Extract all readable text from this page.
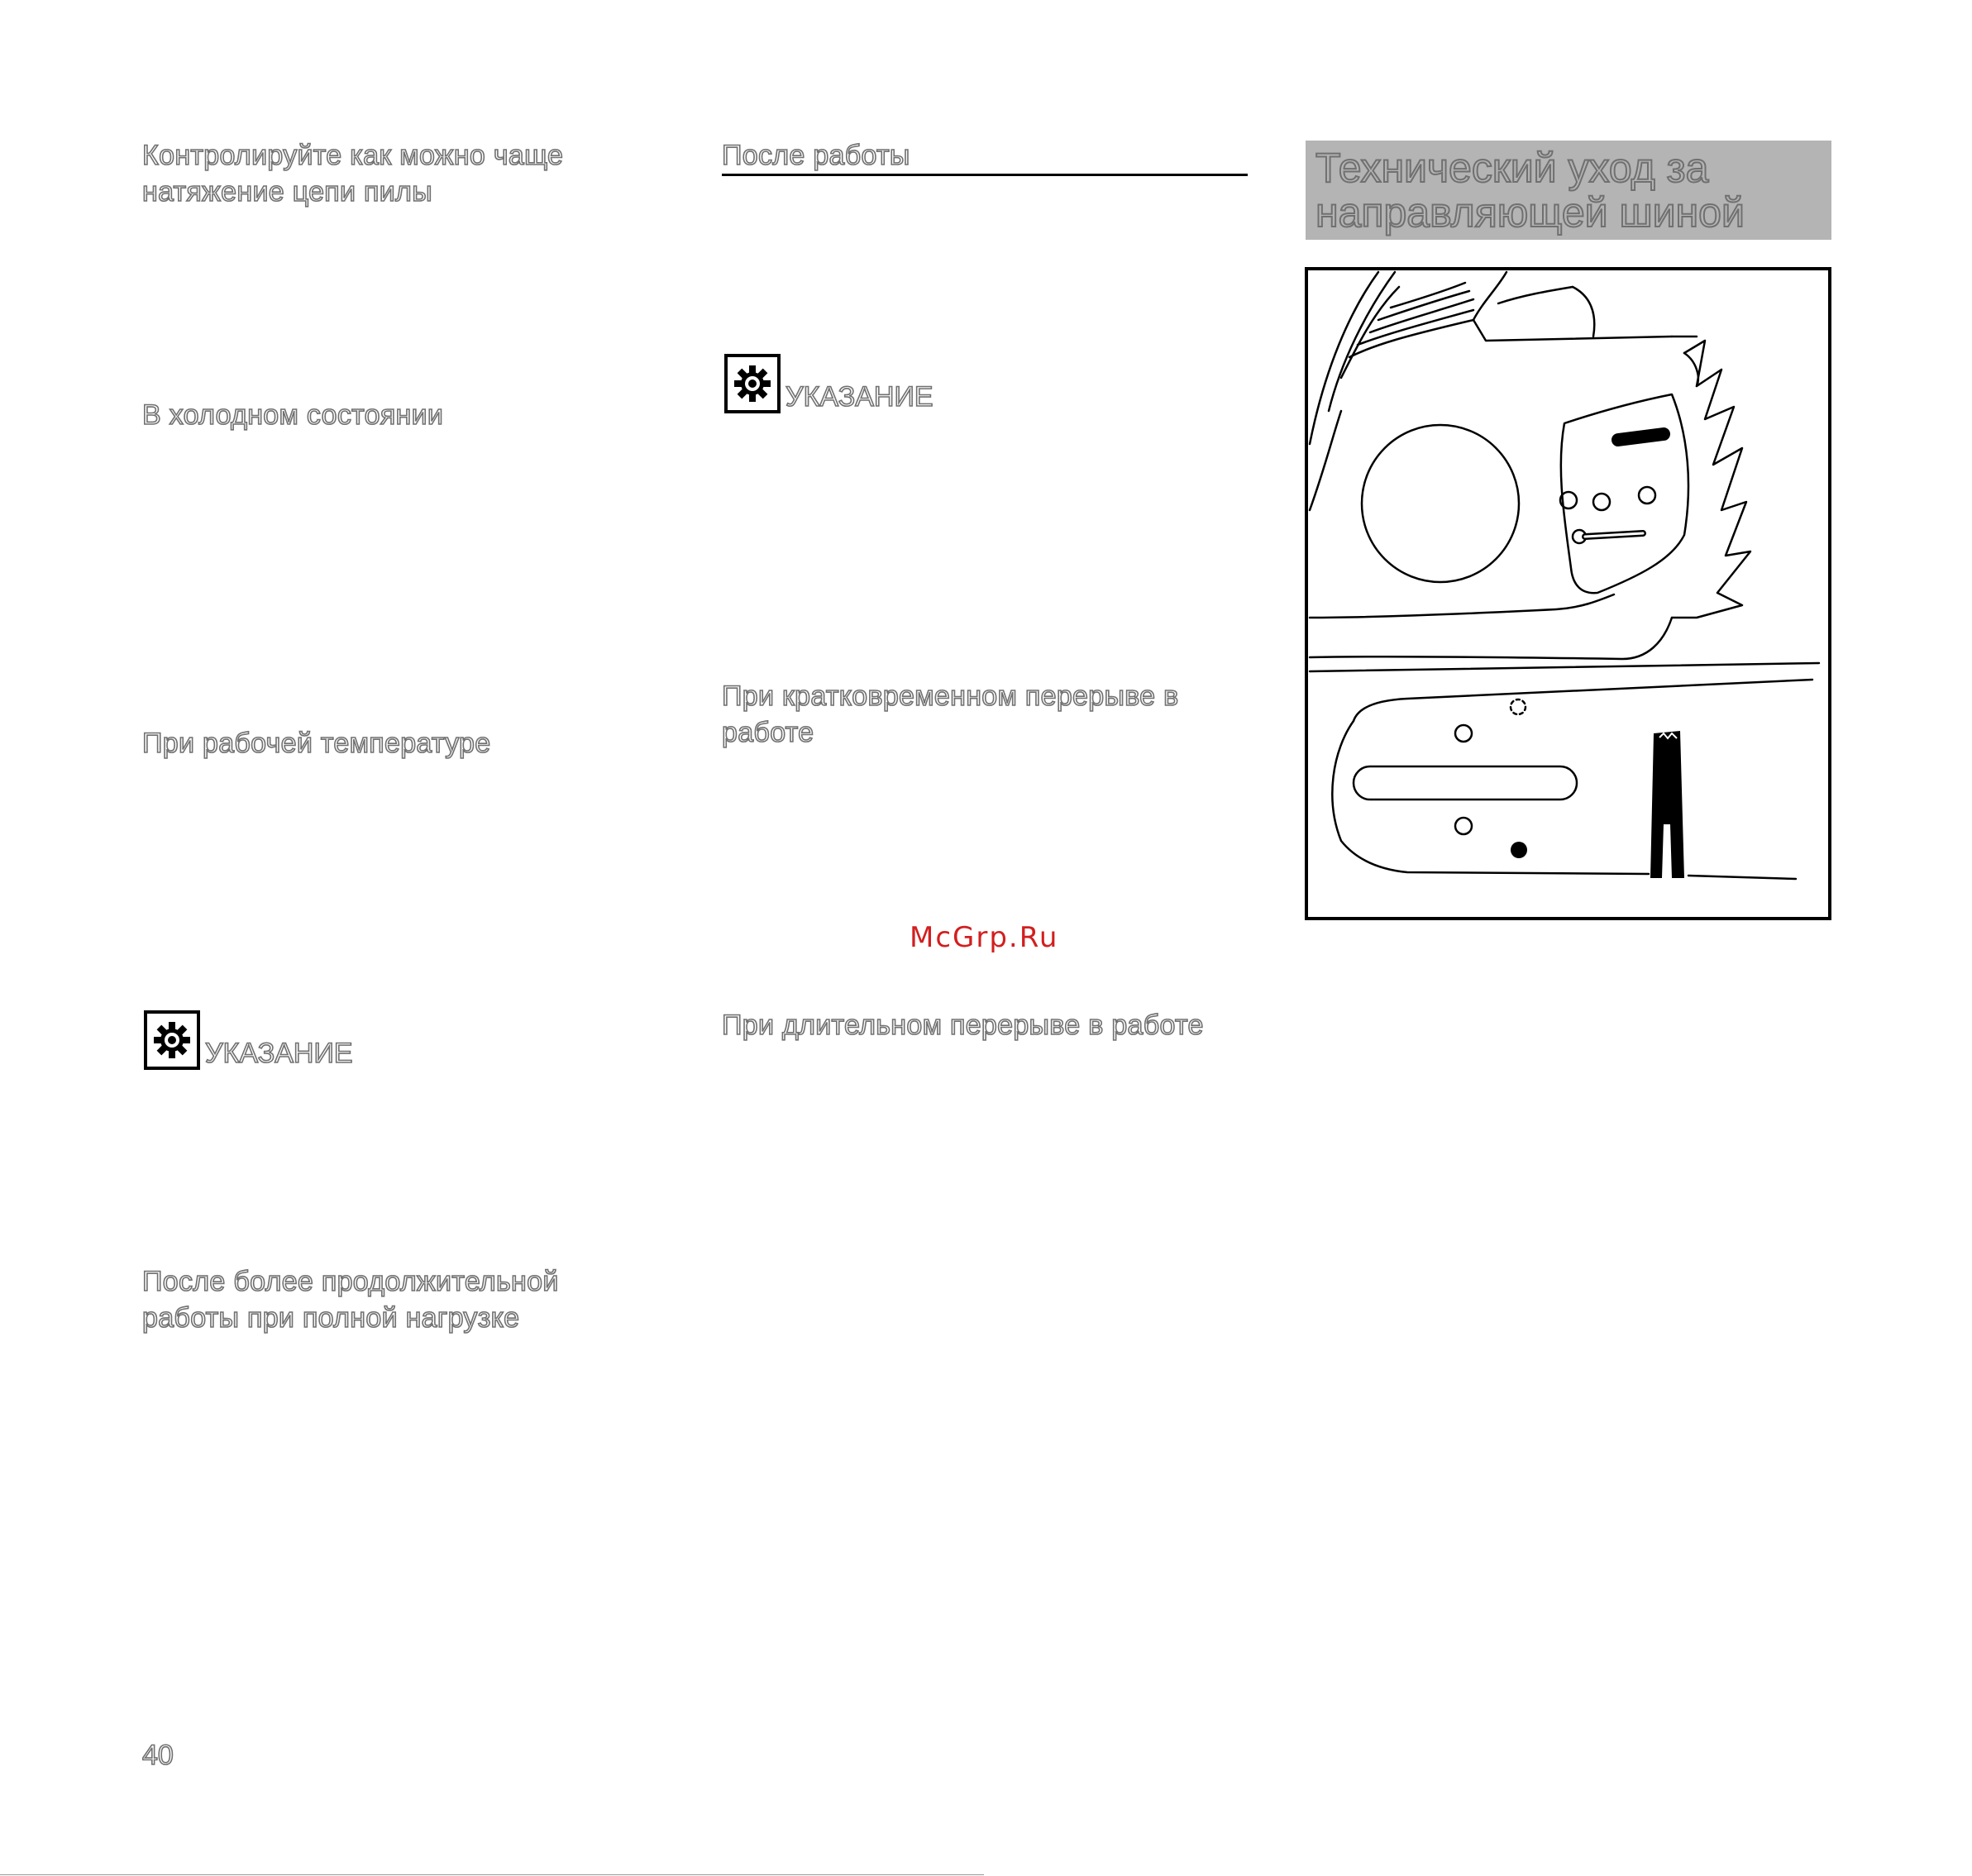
Контролируйте как можно чаще
натяжение цепи пилы
В холодном состоянии
При рабочей температуре
УКАЗАНИЕ
После более продолжительной
работы при полной нагрузке
После работы
УКАЗАНИЕ
При кратковременном перерыве в
работе
McGrp.Ru
При длительном перерыве в работе
Технический уход за
направляющей шиной
40
